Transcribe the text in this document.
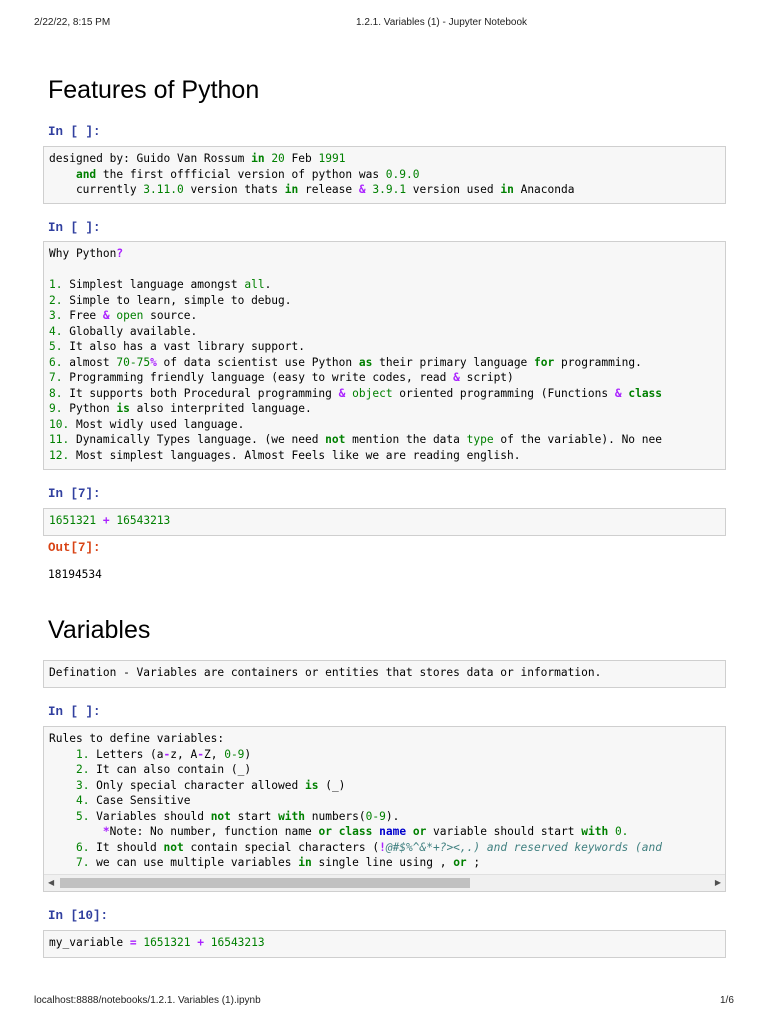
2/22/22, 8:15 PM	1.2.1. Variables (1) - Jupyter Notebook
Features of Python
In [ ]:
designed by: Guido Van Rossum in 20 Feb 1991
and the first offficial version of python was 0.9.0
currently 3.11.0 version thats in release & 3.9.1 version used in Anaconda
In [ ]:
Why Python?

1. Simplest language amongst all.
2. Simple to learn, simple to debug.
3. Free & open source.
4. Globally available.
5. It also has a vast library support.
6. almost 70-75% of data scientist use Python as their primary language for programming.
7. Programming friendly language (easy to write codes, read & script)
8. It supports both Procedural programming & object oriented programming (Functions & class
9. Python is also interprited language.
10. Most widly used language.
11. Dynamically Types language. (we need not mention the data type of the variable). No nee
12. Most simplest languages. Almost Feels like we are reading english.
In [7]:
1651321 + 16543213
Out[7]:
18194534
Variables
Defination - Variables are containers or entities that stores data or information.
In [ ]:
Rules to define variables:
1. Letters (a-z, A-Z, 0-9)
2. It can also contain (_)
3. Only special character allowed is (_)
4. Case Sensitive
5. Variables should not start with numbers(0-9).
*Note: No number, function name or class name or variable should start with 0.
6. It should not contain special characters (!@#$%^&*+?><,.) and reserved keywords (and
7. we can use multiple variables in single line using , or ;
◀	▶
In [10]:
my_variable = 1651321 + 16543213
localhost:8888/notebooks/1.2.1. Variables (1).ipynb	1/6
